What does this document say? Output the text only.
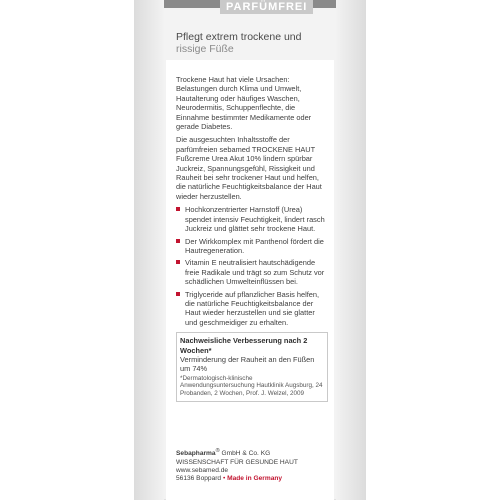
PARFÜMFREI
Pflegt extrem trockene und

Trockene Haut hat viele Ursachen: Belastungen durch Klima und Umwelt, Hautalterung oder häufiges Waschen, Neurodermitis, Schuppenflechte, die Einnahme bestimmter Medikamente oder gerade Diabetes.

Die ausgesuchten Inhaltsstoffe der parfümfreien sebamed TROCKENE HAUT Fußcreme Urea Akut 10% lindern spürbar Juckreiz, Spannungsgefühl, Rissigkeit und Rauheit bei sehr trockener Haut und helfen, die natürliche Feuchtigkeitsbalance der Haut wieder herzustellen.

Hochkonzentrierter Harnstoff (Urea) spendet intensiv Feuchtigkeit, lindert rasch Juckreiz und glättet sehr trockene Haut.
Der Wirkkomplex mit Panthenol fördert die Hautregeneration.
Vitamin E neutralisiert hautschädigende freie Radikale und trägt so zum Schutz vor schädlichen Umwelteinflüssen bei.
Triglyceride auf pflanzlicher Basis helfen, die natürliche Feuchtigkeitsbalance der Haut wieder herzustellen und sie glatter und geschmeidiger zu erhalten.
Nachweisliche Verbesserung nach 2 Wochen*
Verminderung der Rauheit an den Füßen um 74%
*Dermatologisch-klinische Anwendungsuntersuchung Hautklinik Augsburg, 24 Probanden, 2 Wochen, Prof. J. Welzel, 2009
Sebapharma® GmbH & Co. KG
WISSENSCHAFT FÜR GESUNDE HAUT
www.sebamed.de
56136 Boppard • Made in Germany
